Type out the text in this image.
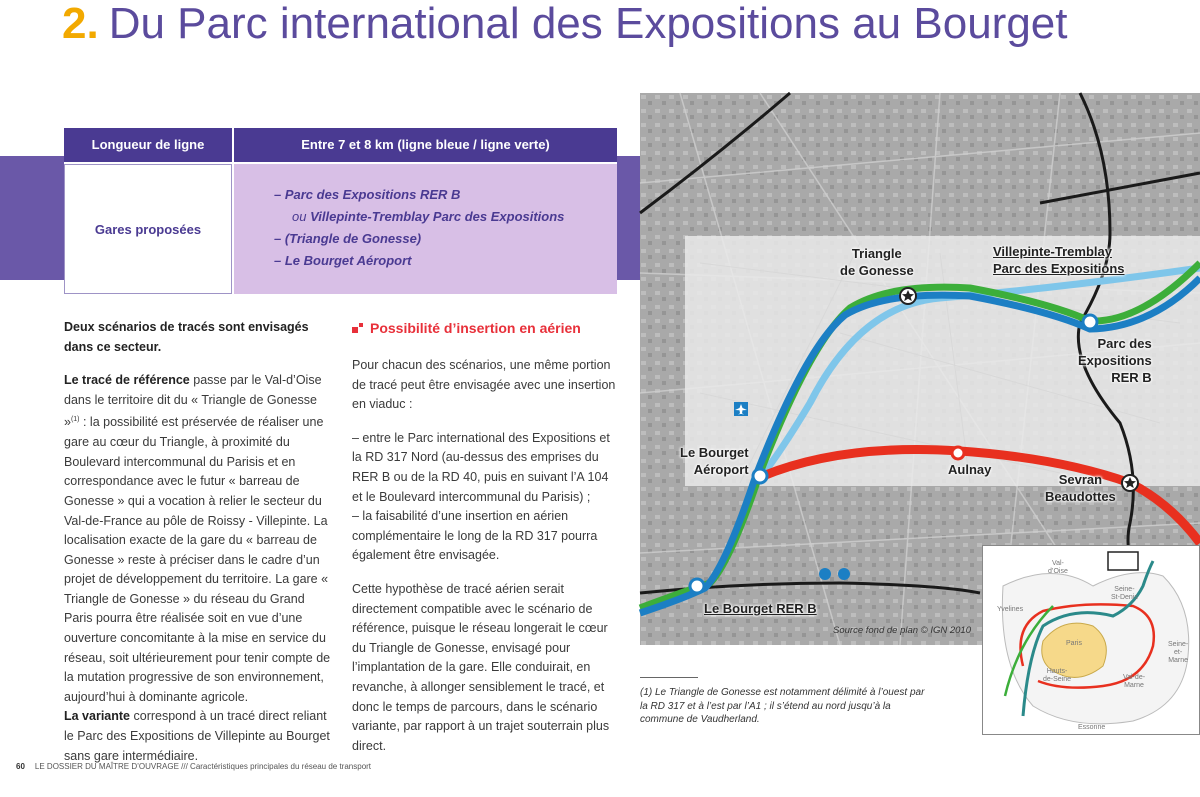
2. Du Parc international des Expositions au Bourget
Longueur de ligne	Entre 7 et 8 km (ligne bleue / ligne verte)
Gares proposées
– Parc des Expositions RER B
ou Villepinte-Tremblay Parc des Expositions
– (Triangle de Gonesse)
– Le Bourget Aéroport

Deux scénarios de tracés sont envisagés dans ce secteur.

Le tracé de référence passe par le Val-d’Oise dans le territoire dit du « Triangle de Gonesse »$^{(1)}$ : la possibilité est préservée de réaliser une gare au cœur du Triangle, à proximité du Boulevard intercommunal du Parisis et en correspondance avec le futur « barreau de Gonesse » qui a vocation à relier le secteur du Val-de-France au pôle de Roissy - Villepinte. La localisation exacte de la gare du « barreau de Gonesse » reste à préciser dans le cadre d’un projet de développement du territoire. La gare « Triangle de Gonesse » du réseau du Grand Paris pourra être réalisée soit en vue d’une ouverture concomitante à la mise en service du réseau, soit ultérieurement pour tenir compte de la mutation progressive de son environnement, aujourd’hui à dominante agricole.
La variante correspond à un tracé direct reliant le Parc des Expositions de Villepinte au Bourget sans gare intermédiaire.

Possibilité d’insertion en aérien

Pour chacun des scénarios, une même portion de tracé peut être envisagée avec une insertion en viaduc :

– entre le Parc international des Expositions et la RD 317 Nord (au-dessus des emprises du RER B ou de la RD 40, puis en suivant l’A 104 et le Boulevard intercommunal du Parisis) ;
– la faisabilité d’une insertion en aérien complémentaire le long de la RD 317 pourra également être envisagée.

Cette hypothèse de tracé aérien serait directement compatible avec le scénario de référence, puisque le réseau longerait le cœur du Triangle de Gonesse, envisagé pour l’implantation de la gare. Elle conduirait, en revanche, à allonger sensiblement le tracé, et donc le temps de parcours, dans le scénario variante, par rapport à un trajet souterrain plus direct.

Triangle
de Gonesse
Villepinte-Tremblay
Parc des Expositions
Parc des
Expositions
RER B
Le Bourget
Aéroport	Aulnay
Sevran
Beaudottes
Le Bourget RER B
Source fond de plan © IGN 2010
Val-
d’Oise
Yvelines
Seine-
St-Denis
Paris
Hauts-
de-Seine	Val-de-
Marne
Seine-
et-
Marne
Essonne
(1) Le Triangle de Gonesse est notamment délimité à l’ouest par la RD 317 et à l’est par l’A1 ; il s’étend au nord jusqu’à la commune de Vaudherland.
60 LE DOSSIER DU MAÎTRE D’OUVRAGE /// Caractéristiques principales du réseau de transport
